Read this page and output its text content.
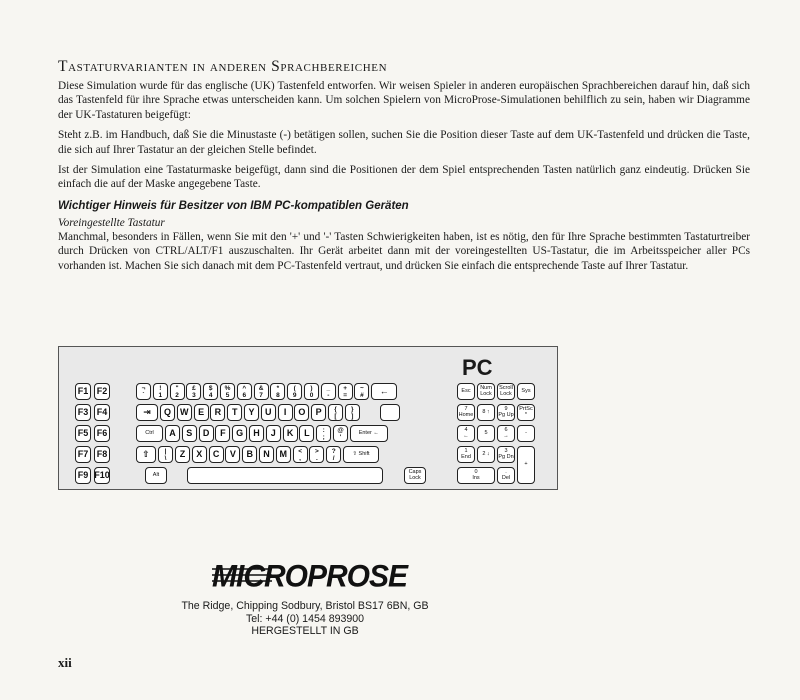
Tastaturvarianten in anderen Sprachbereichen

Diese Simulation wurde für das englische (UK) Tastenfeld entworfen. Wir weisen Spieler in anderen europäischen Sprachbereichen darauf hin, daß sich das Tastenfeld für ihre Sprache etwas unterscheiden kann. Um solchen Spielern von MicroProse-Simulationen behilflich zu sein, haben wir Diagramme der UK-Tastaturen beigefügt:

Steht z.B. im Handbuch, daß Sie die Minustaste (-) betätigen sollen, suchen Sie die Position dieser Taste auf dem UK-Tastenfeld und drücken die Taste, die sich auf Ihrer Tastatur an der gleichen Stelle befindet.

Ist der Simulation eine Tastaturmaske beigefügt, dann sind die Positionen der dem Spiel entsprechenden Tasten natürlich ganz eindeutig. Drücken Sie einfach die auf der Maske angegebene Taste.

Wichtiger Hinweis für Besitzer von IBM PC-kompatiblen Geräten
Voreingestellte Tastatur

Manchmal, besonders in Fällen, wenn Sie mit den '+' und '-' Tasten Schwierigkeiten haben, ist es nötig, den für Ihre Sprache bestimmten Tastaturtreiber durch Drücken von CTRL/ALT/F1 auszuschalten. Ihr Gerät arbeitet dann mit der voreingestellten US-Tastatur, die im Arbeitsspeicher aller PCs vorhanden ist. Machen Sie sich danach mit dem PC-Tastenfeld vertraut, und drücken Sie einfach die entsprechende Taste auf Ihrer Tastatur.

PC
F1 F2
F3 F4
F5 F6
F7 F8
F9 F10
¬
`
!
1
"
2
£
3
$
4
%
5
^
6
&
7
*
8
(
9
)
0
_
-
+
=
~
#	←
⇥	Q	W	E	R	T	Y	U	I	O	P	{
[
}
]
Ctrl	A	S	D	F	G	H	J	K	L	:
;
@
'
Enter ←
⇧	|
\	Z	X	C	V	B	N	M	<
,
>
.
?
/
⇧ Shift
Alt	Caps
Lock
Esc	Num
Lock
Scroll
Lock	Sys
7
Home	8 ↑	9
Pg Up
PrtSc
*
4
←	5	6
→	-
1
End	2 ↓	3
Pg Dn
+
0
Ins
.
Del
MICROPROSE
The Ridge, Chipping Sodbury, Bristol BS17 6BN, GB
Tel: +44 (0) 1454 893900
HERGESTELLT IN GB
xii
